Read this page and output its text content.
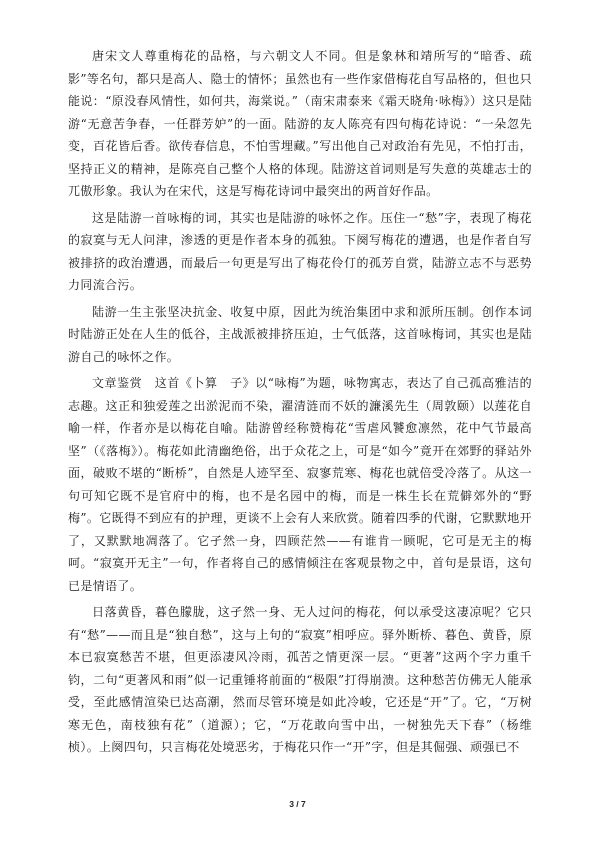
唐宋文人尊重梅花的品格，与六朝文人不同。但是象林和靖所写的“暗香、疏影”等名句，都只是高人、隐士的情怀；虽然也有一些作家借梅花自写品格的，但也只能说：“原没春风情性，如何共，海棠说。”（南宋肃泰来《霜天晓角·咏梅》）这只是陆游“无意苦争春，一任群芳妒”的一面。陆游的友人陈亮有四句梅花诗说：“一朵忽先变，百花皆后香。欲传春信息，不怕雪埋藏。”写出他自己对政治有先见，不怕打击，坚持正义的精神，是陈亮自己整个人格的体现。陆游这首词则是写失意的英雄志士的兀傲形象。我认为在宋代，这是写梅花诗词中最突出的两首好作品。

这是陆游一首咏梅的词，其实也是陆游的咏怀之作。压住一“愁”字，表现了梅花的寂寞与无人问津，渗透的更是作者本身的孤独。下阕写梅花的遭遇，也是作者自写被排挤的政治遭遇，而最后一句更是写出了梅花伶仃的孤芳自赏，陆游立志不与恶势力同流合污。

陆游一生主张坚决抗金、收复中原，因此为统治集团中求和派所压制。创作本词时陆游正处在人生的低谷，主战派被排挤压迫，士气低落，这首咏梅词，其实也是陆游自己的咏怀之作。

文章鉴赏　这首《卜算　子》以“咏梅”为题，咏物寓志，表达了自己孤高雅洁的志趣。这正和独爱莲之出淤泥而不染，濯清涟而不妖的濂溪先生（周敦颐）以莲花自喻一样，作者亦是以梅花自喻。陆游曾经称赞梅花“雪虐风饕愈凛然，花中气节最高坚”（《落梅》）。梅花如此清幽绝俗，出于众花之上，可是“如今”竟开在郊野的驿站外面，破败不堪的“断桥”，自然是人迹罕至、寂寥荒寒、梅花也就倍受冷落了。从这一句可知它既不是官府中的梅，也不是名园中的梅，而是一株生长在荒僻郊外的“野梅”。它既得不到应有的护理，更谈不上会有人来欣赏。随着四季的代谢，它默默地开了，又默默地凋落了。它孑然一身，四顾茫然——有谁肯一顾呢，它可是无主的梅呵。“寂寞开无主”一句，作者将自己的感情倾注在客观景物之中，首句是景语，这句已是情语了。

日落黄昏，暮色朦胧，这孑然一身、无人过问的梅花，何以承受这凄凉呢？它只有“愁”——而且是“独自愁”，这与上句的“寂寞”相呼应。驿外断桥、暮色、黄昏，原本已寂寞愁苦不堪，但更添凄风冷雨，孤苦之情更深一层。“更著”这两个字力重千钧，二句“更著风和雨”似一记重锤将前面的“极限”打得崩溃。这种愁苦仿佛无人能承受，至此感情渲染已达高潮，然而尽管环境是如此冷峻，它还是“开”了。它，“万树寒无色，南枝独有花”（道源）；它，“万花敢向雪中出，一树独先天下春”（杨维桢）。上阕四句，只言梅花处境恶劣，于梅花只作一“开”字，但是其倔强、顽强已不

3 / 7
